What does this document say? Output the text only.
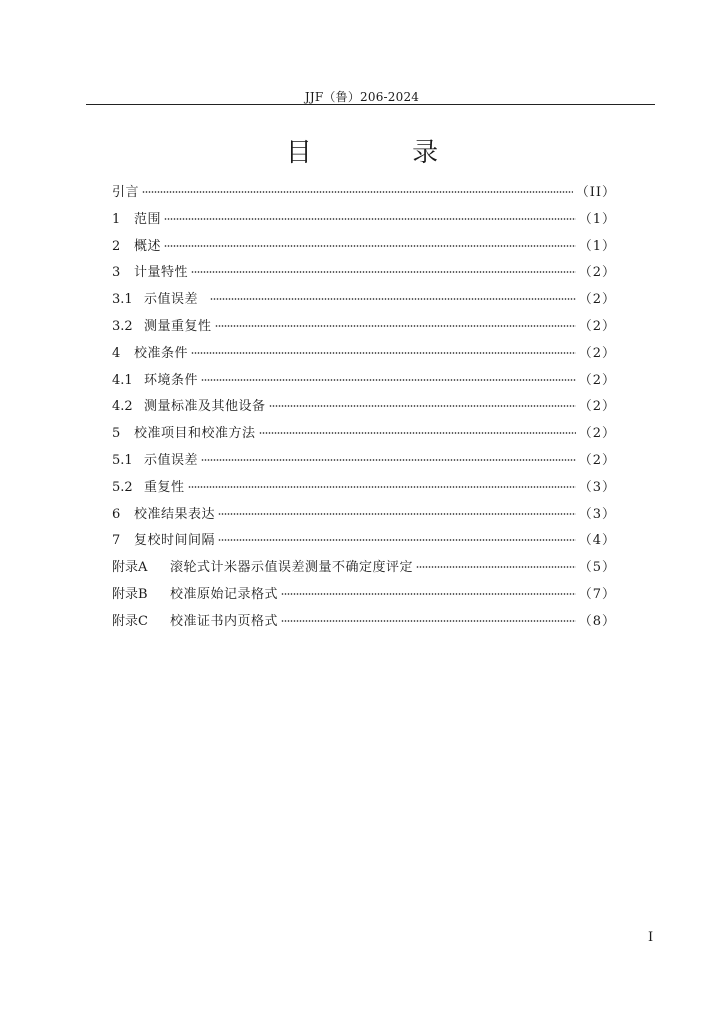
JJF（鲁）206-2024
目 录
引言	（II）
1	范围	（1）
2	概述	（1）
3	计量特性	（2）
3.1 示值误差	（2）
3.2 测量重复性	（2）
4	校准条件	（2）
4.1 环境条件	（2）
4.2 测量标准及其他设备	（2）
5	校准项目和校准方法	（2）
5.1 示值误差	（2）
5.2 重复性	（3）
6	校准结果表达	（3）
7	复校时间间隔	（4）
附录A	滚轮式计米器示值误差测量不确定度评定	（5）
附录B	校准原始记录格式	（7）
附录C	校准证书内页格式	（8）
I
